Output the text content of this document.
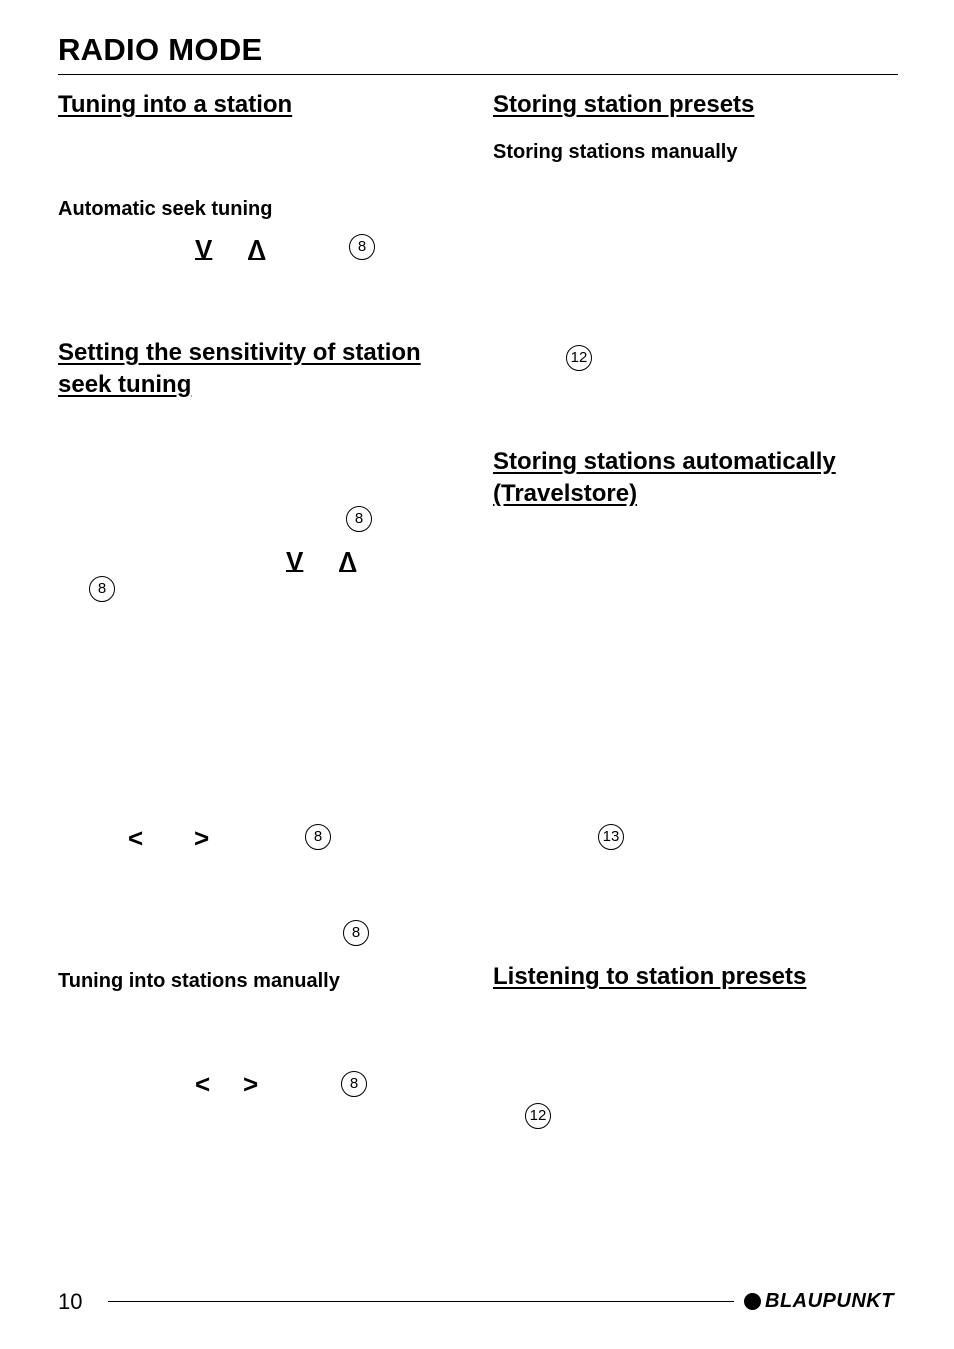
RADIO MODE
Tuning into a station
Automatic seek tuning
V Λ	8
Setting the sensitivity of station
seek tuning
8
V Λ
8
< >	8
8
Tuning into stations manually
< >	8
Storing station presets
Storing stations manually
12
Storing stations automatically
(Travelstore)
13
Listening to station presets
12
10	BLAUPUNKT
